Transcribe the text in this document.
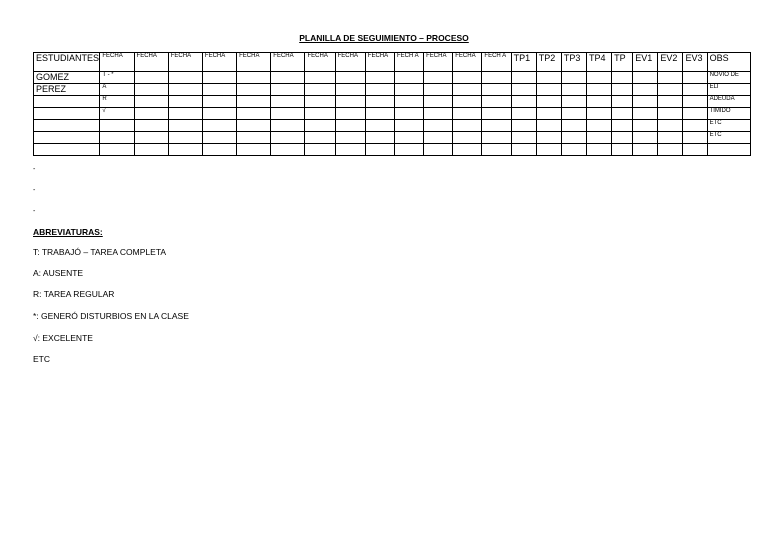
PLANILLA DE SEGUIMIENTO – PROCESO
ESTUDIANTES	FECHA	FECHA	FECHA	FECHA	FECHA	FECHA	FECHA	FECHA	FECHA	FECH A	FECHA	FECHA	FECH A	TP1	TP2	TP3	TP4	TP	EV1	EV2	EV3	OBS
GOMEZ	T - *																					NOVIO DE
PEREZ	A																					ELI
	R																					ADEUDA
	√																					TIMIDO
																						ETC
																						ETC

-
-
-
ABREVIATURAS:
T: TRABAJÓ – TAREA COMPLETA
A: AUSENTE
R: TAREA REGULAR
*: GENERÓ DISTURBIOS EN LA CLASE
√: EXCELENTE
ETC
